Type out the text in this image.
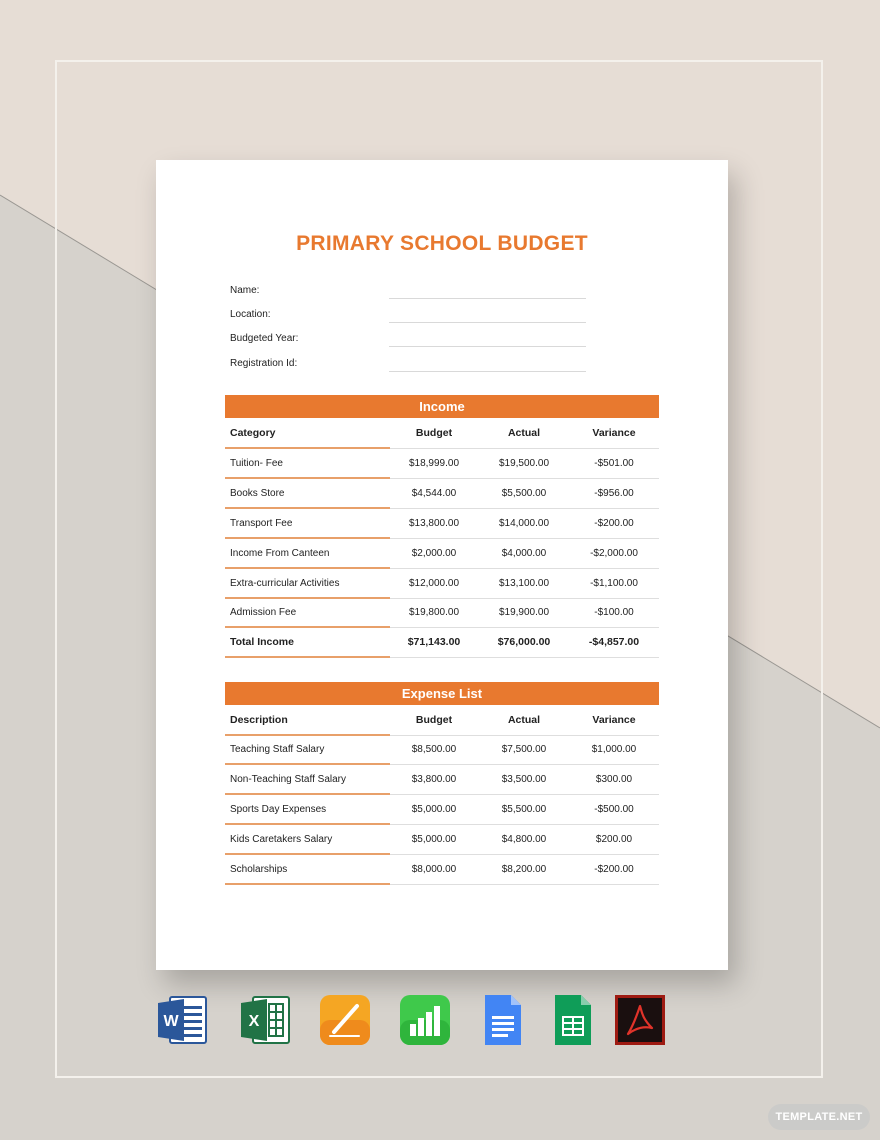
PRIMARY SCHOOL BUDGET
Name:
Location:
Budgeted Year:
Registration Id:
Income
Category	Budget	Actual	Variance
Tuition- Fee	$18,999.00	$19,500.00	-$501.00
Books Store	$4,544.00	$5,500.00	-$956.00
Transport Fee	$13,800.00	$14,000.00	-$200.00
Income From Canteen	$2,000.00	$4,000.00	-$2,000.00
Extra-curricular Activities	$12,000.00	$13,100.00	-$1,100.00
Admission Fee	$19,800.00	$19,900.00	-$100.00
Total Income	$71,143.00	$76,000.00	-$4,857.00
Expense List
Description	Budget	Actual	Variance
Teaching Staff Salary	$8,500.00	$7,500.00	$1,000.00
Non-Teaching Staff Salary	$3,800.00	$3,500.00	$300.00
Sports Day Expenses	$5,000.00	$5,500.00	-$500.00
Kids Caretakers Salary	$5,000.00	$4,800.00	$200.00
Scholarships	$8,000.00	$8,200.00	-$200.00
W	X
TEMPLATE.NET
